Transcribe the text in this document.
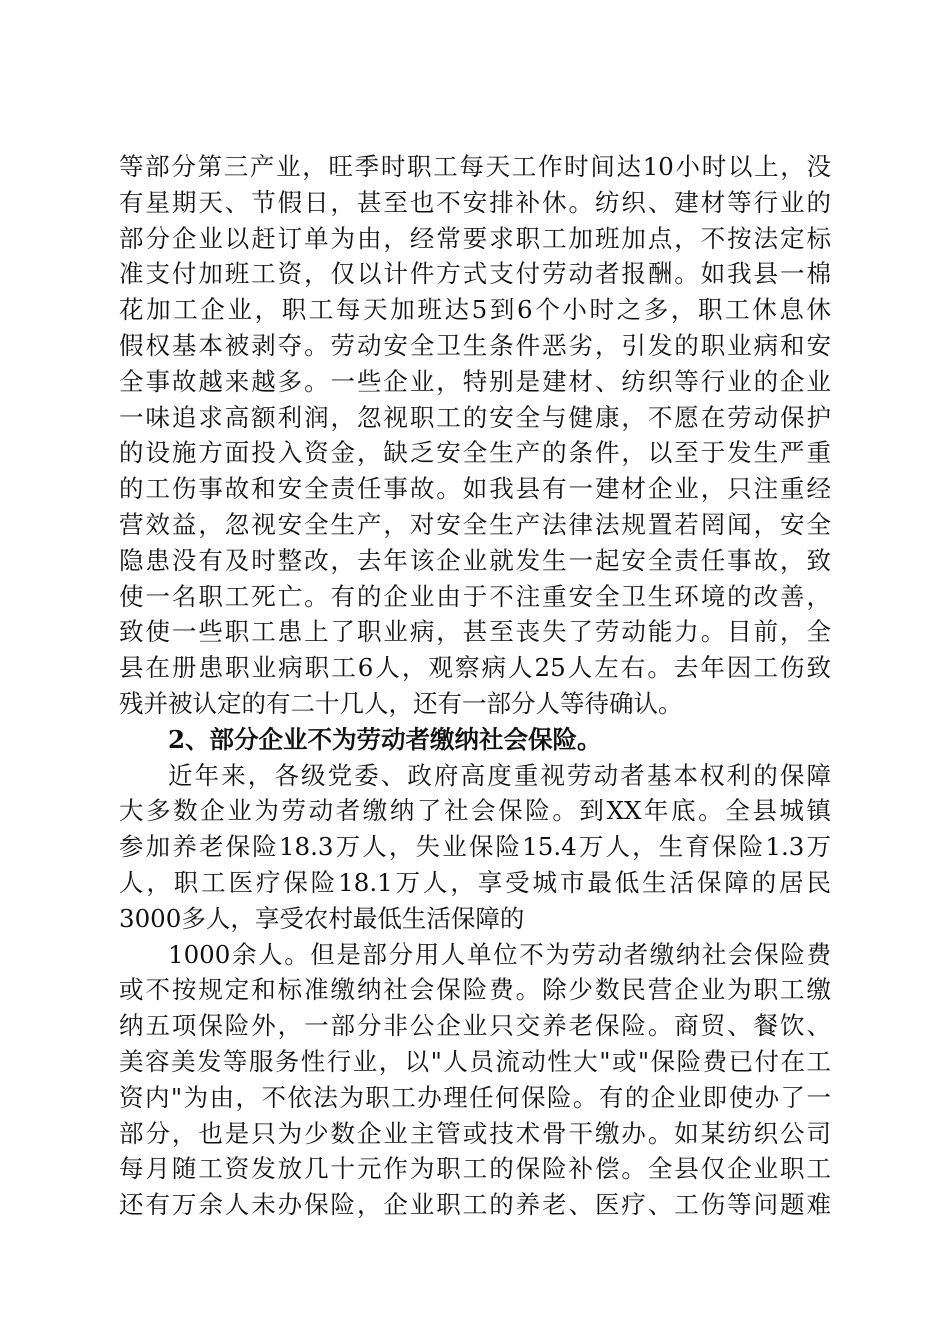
等部分第三产业，旺季时职工每天工作时间达10小时以上，没
有星期天、节假日，甚至也不安排补休。纺织、建材等行业的
部分企业以赶订单为由，经常要求职工加班加点，不按法定标
准支付加班工资，仅以计件方式支付劳动者报酬。如我县一棉
花加工企业，职工每天加班达5到6个小时之多，职工休息休
假权基本被剥夺。劳动安全卫生条件恶劣，引发的职业病和安
全事故越来越多。一些企业，特别是建材、纺织等行业的企业
一味追求高额利润，忽视职工的安全与健康，不愿在劳动保护
的设施方面投入资金，缺乏安全生产的条件，以至于发生严重
的工伤事故和安全责任事故。如我县有一建材企业，只注重经
营效益，忽视安全生产，对安全生产法律法规置若罔闻，安全
隐患没有及时整改，去年该企业就发生一起安全责任事故，致
使一名职工死亡。有的企业由于不注重安全卫生环境的改善，
致使一些职工患上了职业病，甚至丧失了劳动能力。目前，全
县在册患职业病职工6人，观察病人25人左右。去年因工伤致
残并被认定的有二十几人，还有一部分人等待确认。
2、部分企业不为劳动者缴纳社会保险。
近年来，各级党委、政府高度重视劳动者基本权利的保障
大多数企业为劳动者缴纳了社会保险。到XX年底。全县城镇
参加养老保险18.3万人，失业保险15.4万人，生育保险1.3万
人，职工医疗保险18.1万人，享受城市最低生活保障的居民
3000多人，享受农村最低生活保障的
1000余人。但是部分用人单位不为劳动者缴纳社会保险费
或不按规定和标准缴纳社会保险费。除少数民营企业为职工缴
纳五项保险外，一部分非公企业只交养老保险。商贸、餐饮、
美容美发等服务性行业，以"人员流动性大"或"保险费已付在工
资内"为由，不依法为职工办理任何保险。有的企业即使办了一
部分，也是只为少数企业主管或技术骨干缴办。如某纺织公司
每月随工资发放几十元作为职工的保险补偿。全县仅企业职工
还有万余人未办保险，企业职工的养老、医疗、工伤等问题难
